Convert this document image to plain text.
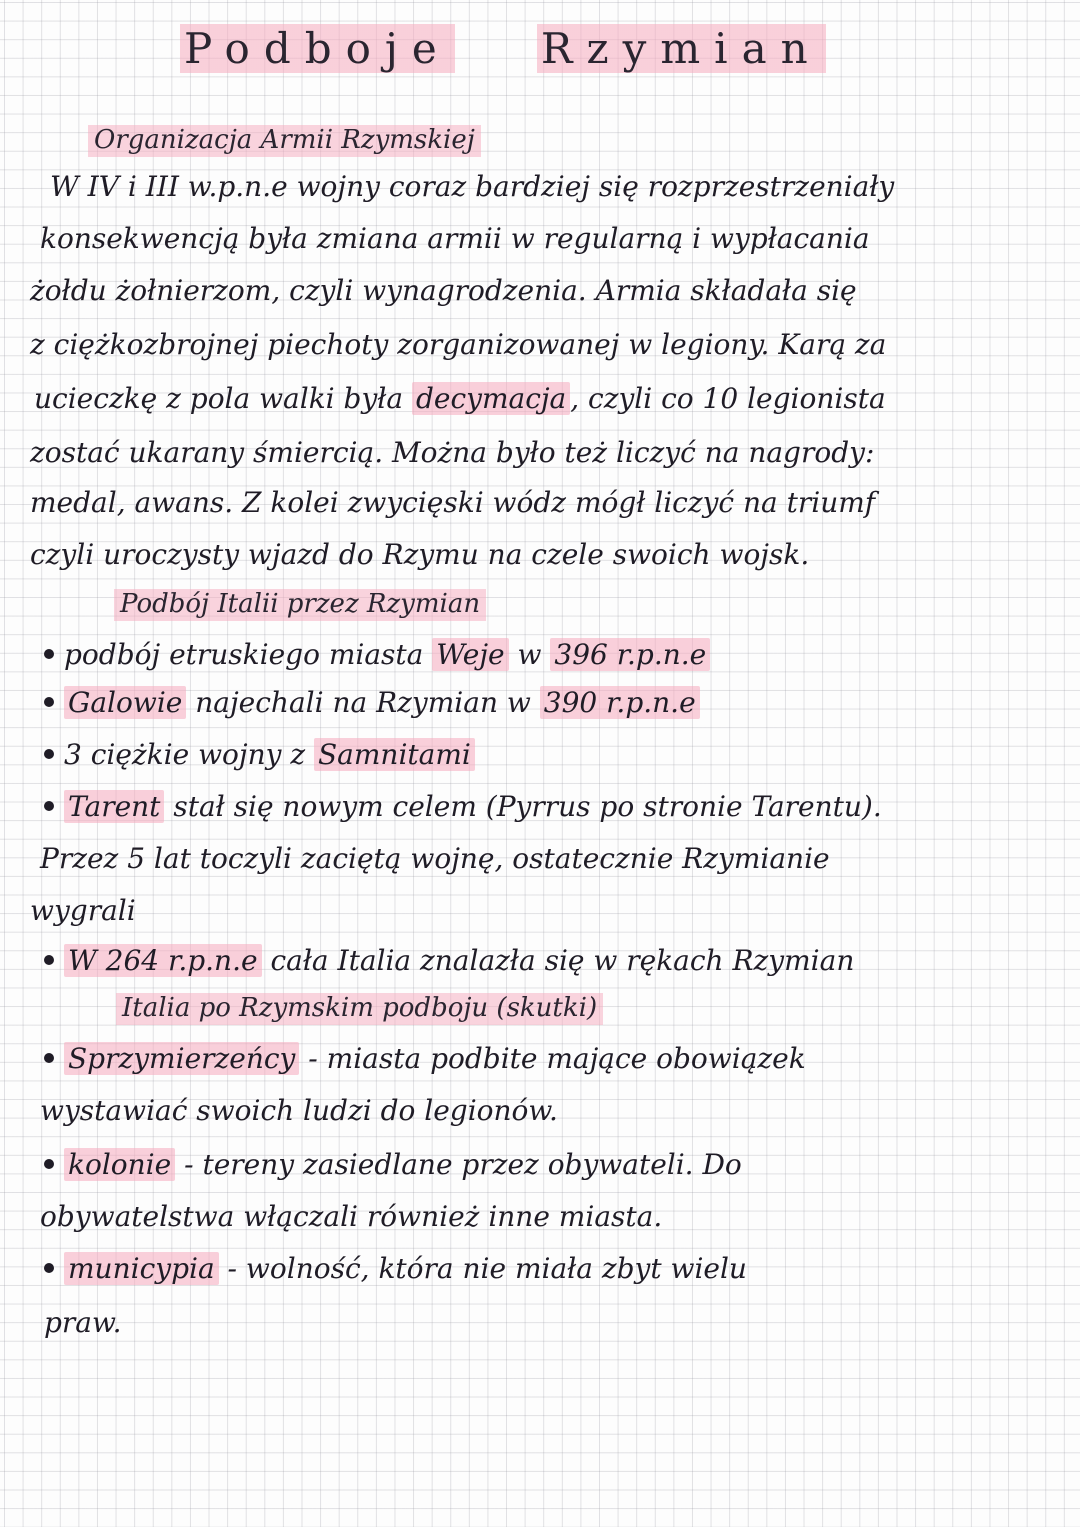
Podboje Rzymian
Organizacja Armii Rzymskiej
W IV i III w.p.n.e wojny coraz bardziej się rozprzestrzeniały
konsekwencją była zmiana armii w regularną i wypłacania
żołdu żołnierzom, czyli wynagrodzenia. Armia składała się
z ciężkozbrojnej piechoty zorganizowanej w legiony. Karą za
ucieczkę z pola walki była decymacja , czyli co 10 legionista
zostać ukarany śmiercią. Można było też liczyć na nagrody:
medal, awans. Z kolei zwycięski wódz mógł liczyć na triumf
czyli uroczysty wjazd do Rzymu na czele swoich wojsk.
Podbój Italii przez Rzymian
podbój etruskiego miasta Weje w 396 r.p.n.e
Galowie najechali na Rzymian w 390 r.p.n.e
3 ciężkie wojny z Samnitami
Tarent stał się nowym celem (Pyrrus po stronie Tarentu).
Przez 5 lat toczyli zaciętą wojnę, ostatecznie Rzymianie
wygrali
W 264 r.p.n.e cała Italia znalazła się w rękach Rzymian
Italia po Rzymskim podboju (skutki)
Sprzymierzeńcy - miasta podbite mające obowiązek
wystawiać swoich ludzi do legionów.
kolonie - tereny zasiedlane przez obywateli. Do
obywatelstwa włączali również inne miasta.
municypia - wolność, która nie miała zbyt wielu
praw.
